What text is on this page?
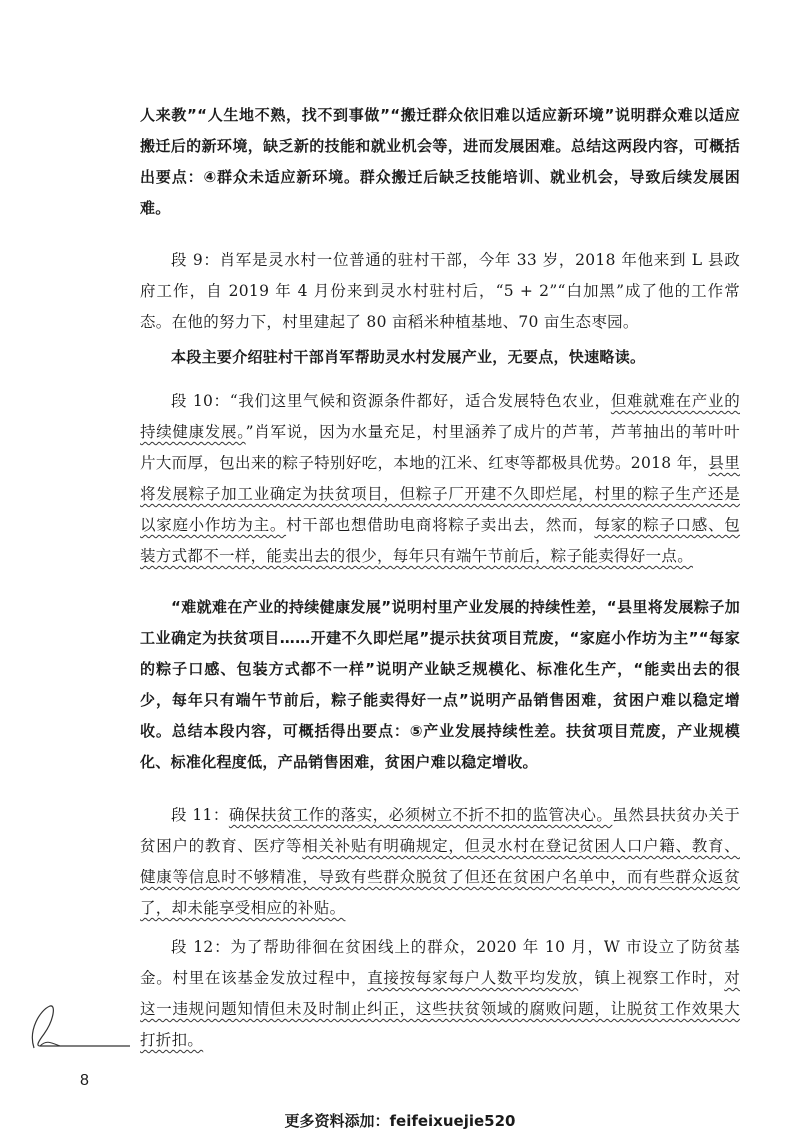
人来教”“人生地不熟，找不到事做”“搬迁群众依旧难以适应新环境”说明群众难以适应搬迁后的新环境，缺乏新的技能和就业机会等，进而发展困难。总结这两段内容，可概括出要点：④群众未适应新环境。群众搬迁后缺乏技能培训、就业机会，导致后续发展困难。

段 9：肖军是灵水村一位普通的驻村干部，今年 33 岁，2018 年他来到 L 县政府工作，自 2019 年 4 月份来到灵水村驻村后，“5 + 2”“白加黑”成了他的工作常态。在他的努力下，村里建起了 80 亩稻米种植基地、70 亩生态枣园。

本段主要介绍驻村干部肖军帮助灵水村发展产业，无要点，快速略读。

段 10：“我们这里气候和资源条件都好，适合发展特色农业，但难就难在产业的持续健康发展。”肖军说，因为水量充足，村里涵养了成片的芦苇，芦苇抽出的苇叶叶片大而厚，包出来的粽子特别好吃，本地的江米、红枣等都极具优势。2018 年，县里将发展粽子加工业确定为扶贫项目，但粽子厂开建不久即烂尾，村里的粽子生产还是以家庭小作坊为主。村干部也想借助电商将粽子卖出去，然而，每家的粽子口感、包装方式都不一样，能卖出去的很少，每年只有端午节前后，粽子能卖得好一点。

“难就难在产业的持续健康发展”说明村里产业发展的持续性差，“县里将发展粽子加工业确定为扶贫项目……开建不久即烂尾”提示扶贫项目荒废，“家庭小作坊为主”“每家的粽子口感、包装方式都不一样”说明产业缺乏规模化、标准化生产，“能卖出去的很少，每年只有端午节前后，粽子能卖得好一点”说明产品销售困难，贫困户难以稳定增收。总结本段内容，可概括得出要点：⑤产业发展持续性差。扶贫项目荒废，产业规模化、标准化程度低，产品销售困难，贫困户难以稳定增收。

段 11：确保扶贫工作的落实，必须树立不折不扣的监管决心。虽然县扶贫办关于贫困户的教育、医疗等相关补贴有明确规定，但灵水村在登记贫困人口户籍、教育、健康等信息时不够精准，导致有些群众脱贫了但还在贫困户名单中，而有些群众返贫了，却未能享受相应的补贴。

段 12：为了帮助徘徊在贫困线上的群众，2020 年 10 月，W 市设立了防贫基金。村里在该基金发放过程中，直接按每家每户人数平均发放，镇上视察工作时，对这一违规问题知情但未及时制止纠正，这些扶贫领域的腐败问题，让脱贫工作效果大打折扣。

8
更多资料添加：feifeixuejie520
